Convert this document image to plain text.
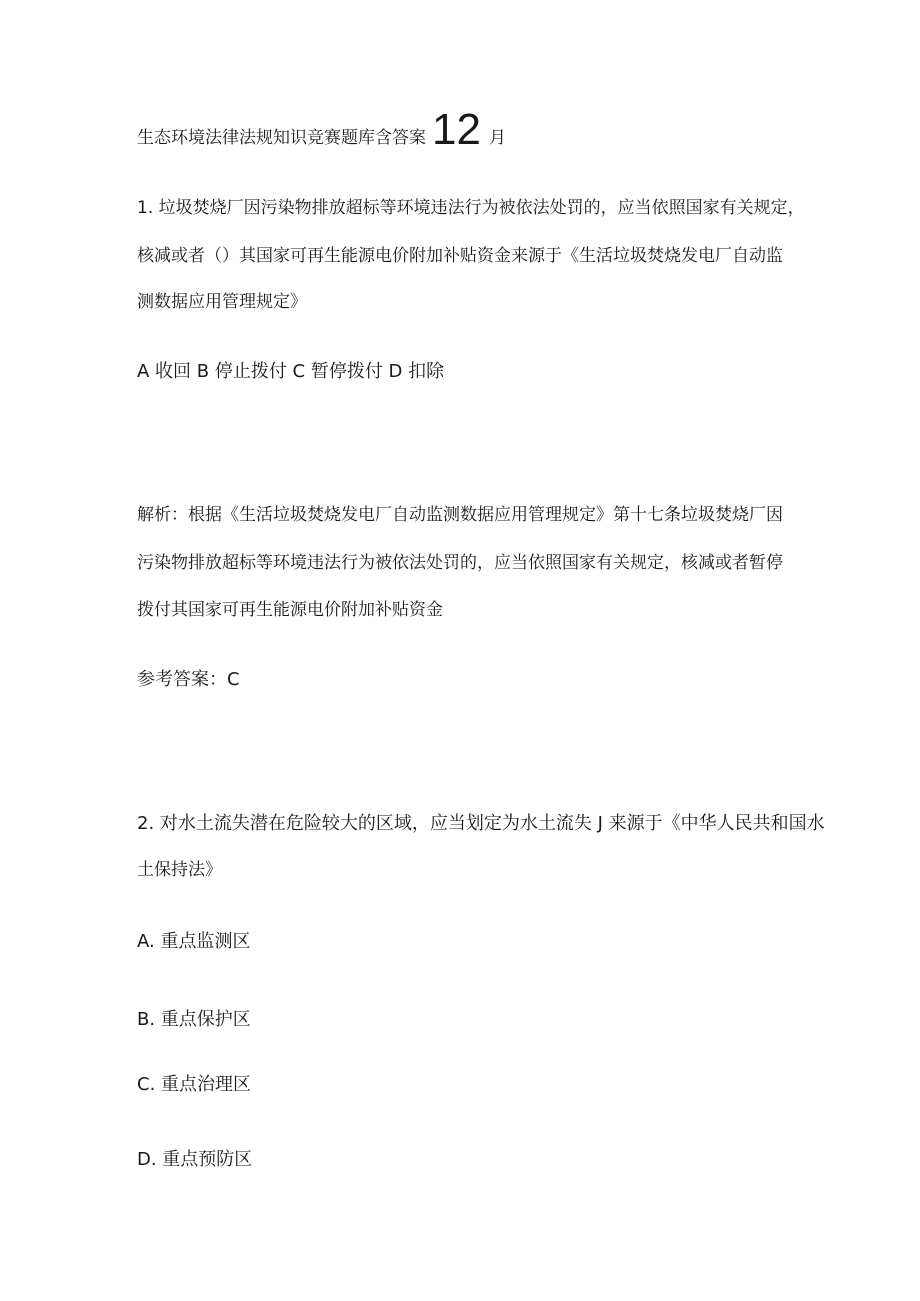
生态环境法律法规知识竞赛题库含答案 12 月
1. 垃圾焚烧厂因污染物排放超标等环境违法行为被依法处罚的，应当依照国家有关规定，
核减或者（）其国家可再生能源电价附加补贴资金来源于《生活垃圾焚烧发电厂自动监
测数据应用管理规定》
A 收回 B 停止拨付 C 暂停拨付 D 扣除
解析：根据《生活垃圾焚烧发电厂自动监测数据应用管理规定》第十七条垃圾焚烧厂因
污染物排放超标等环境违法行为被依法处罚的，应当依照国家有关规定，核减或者暂停
拨付其国家可再生能源电价附加补贴资金
参考答案：C
2. 对水土流失潜在危险较大的区域，应当划定为水土流失 J 来源于《中华人民共和国水
土保持法》
A. 重点监测区
B. 重点保护区
C. 重点治理区
D. 重点预防区
